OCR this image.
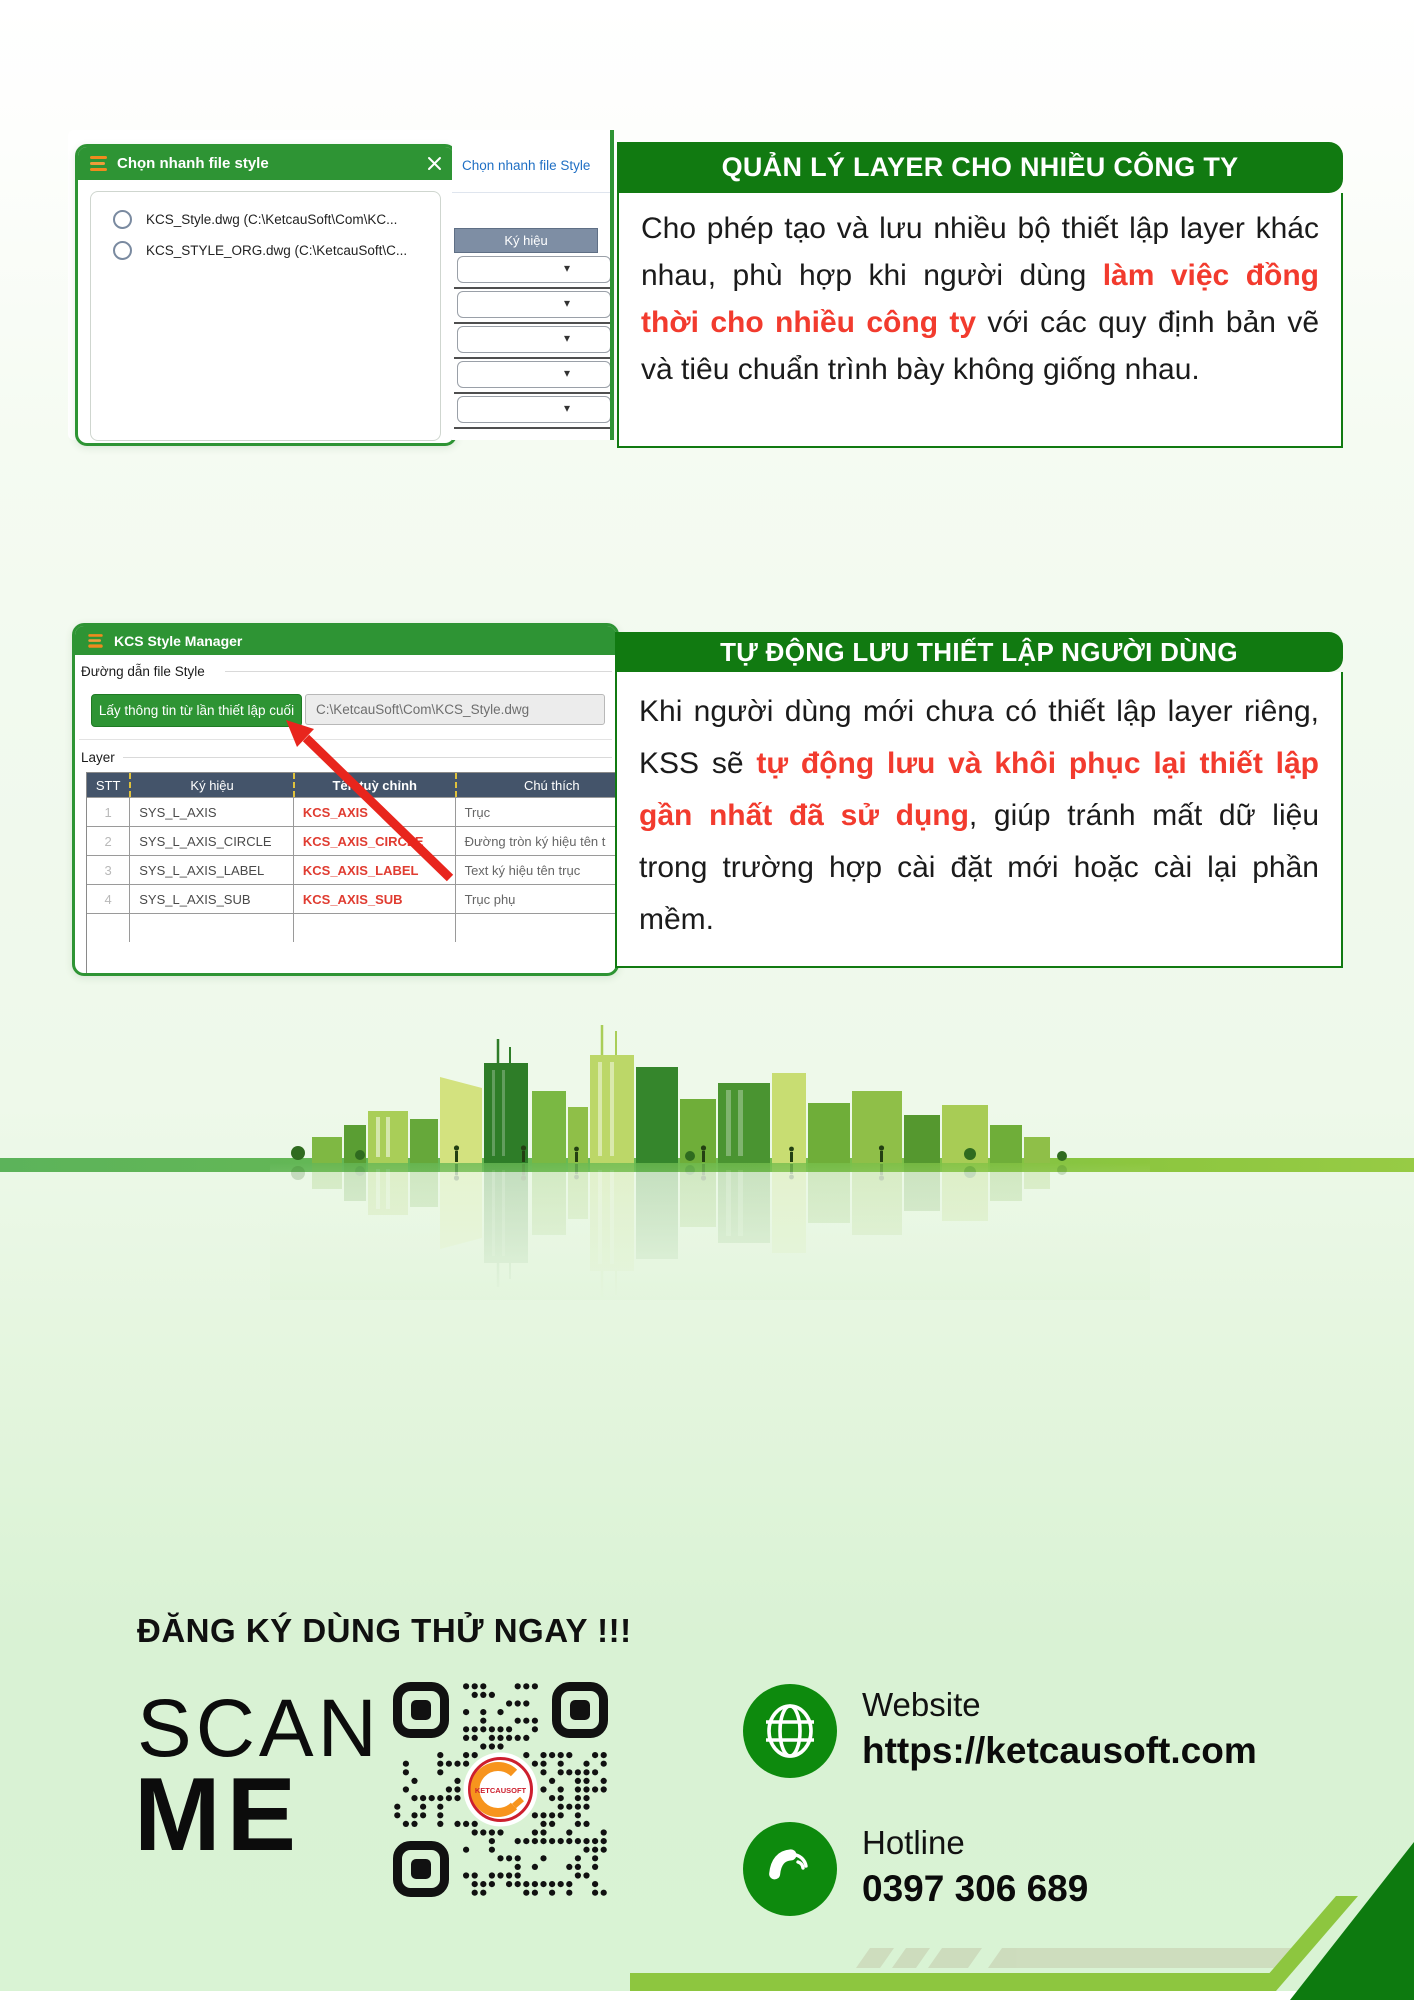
Chọn nhanh file style
KCS_Style.dwg (C:\KetcauSoft\Com\KC...
KCS_STYLE_ORG.dwg (C:\KetcauSoft\C...
Chọn nhanh file Style
Ký hiệu
▾
▾
▾
▾
▾
QUẢN LÝ LAYER CHO NHIỀU CÔNG TY
Cho phép tạo và lưu nhiều bộ thiết lập layer khác nhau, phù hợp khi người dùng làm việc đồng thời cho nhiều công ty với các quy định bản vẽ và tiêu chuẩn trình bày không giống nhau.
KCS Style Manager
Đường dẫn file Style
Lấy thông tin từ lần thiết lập cuối	C:\KetcauSoft\Com\KCS_Style.dwg
Layer
STT	Ký hiệu	Tên tuỳ chỉnh	Chú thích
1	SYS_L_AXIS	KCS_AXIS	Trục
2	SYS_L_AXIS_CIRCLE	KCS_AXIS_CIRCLE	Đường tròn ký hiệu tên t
3	SYS_L_AXIS_LABEL	KCS_AXIS_LABEL	Text ký hiệu tên trục
4	SYS_L_AXIS_SUB	KCS_AXIS_SUB	Trục phụ
TỰ ĐỘNG LƯU THIẾT LẬP NGƯỜI DÙNG
Khi người dùng mới chưa có thiết lập layer riêng, KSS sẽ tự động lưu và khôi phục lại thiết lập gần nhất đã sử dụng, giúp tránh mất dữ liệu trong trường hợp cài đặt mới hoặc cài lại phần mềm.
ĐĂNG KÝ DÙNG THỬ NGAY !!!
SCAN
ME	KETCAUSOFT
Website
https://ketcausoft.com
Hotline
0397 306 689
